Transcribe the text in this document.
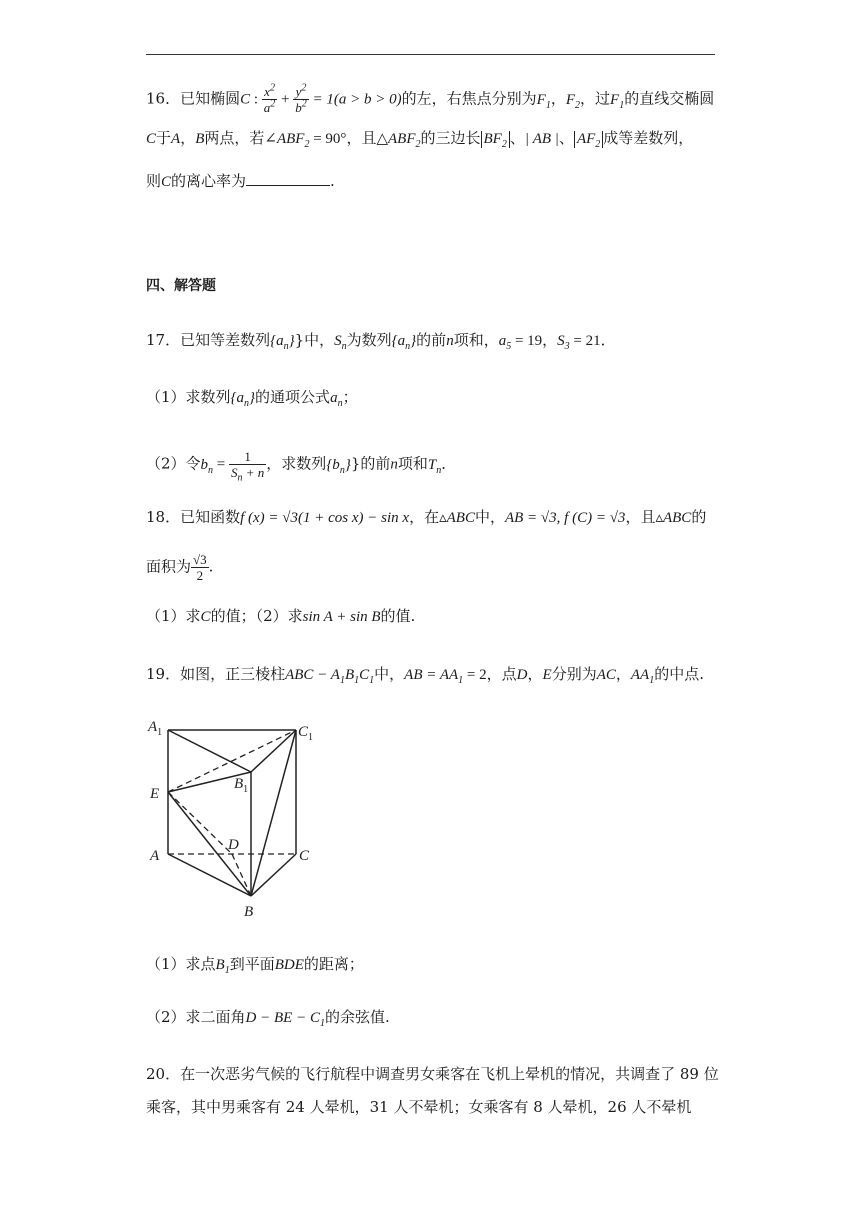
16．已知椭圆C : $\frac{x^2}{a^2} + \frac{y^2}{b^2} = 1(a > b > 0)$的左，右焦点分别为$F_1$，$F_2$，过$F_1$的直线交椭圆
C于A，B两点，若$\angle ABF_2 = 90^\circ$，且$\triangle ABF_2$的三边长 $BF_2$ 、| AB |、 $AF_2$ 成等差数列，
则C的离心率为	.
四、解答题
17．已知等差数列$\{a_n\}$}中，$S_n$为数列$\{a_n\}$的前n项和，$a_5 = 19$，$S_3 = 21$．
（1）求数列$\{a_n\}$的通项公式$a_n$；
（2）令$b_n = \frac{1}{S_n + n}$ ，求数列$\{b_n\}$}的前n项和$T_n$．
18．已知函数f (x) = √3(1 + cos x) − sin x，在▵ABC中，AB = √3, f (C) = √3，且▵ABC的
面积为 $\frac{√3}{2}$ .
（1）求C的值；（2）求sin A + sin B的值.
19．如图，正三棱柱ABC − $A_1B_1C_1$中，AB = $AA_1 = 2$，点D，E分别为AC，$AA_1$的中点.
$A_1$	$C_1$
$B_1$
E
D
A	C
B
（1）求点$B_1$到平面BDE的距离；
（2）求二面角D − BE − $C_1$的余弦值.
20．在一次恶劣气候的飞行航程中调查男女乘客在飞机上晕机的情况，共调查了 89 位
乘客，其中男乘客有 24 人晕机，31 人不晕机；女乘客有 8 人晕机，26 人不晕机
